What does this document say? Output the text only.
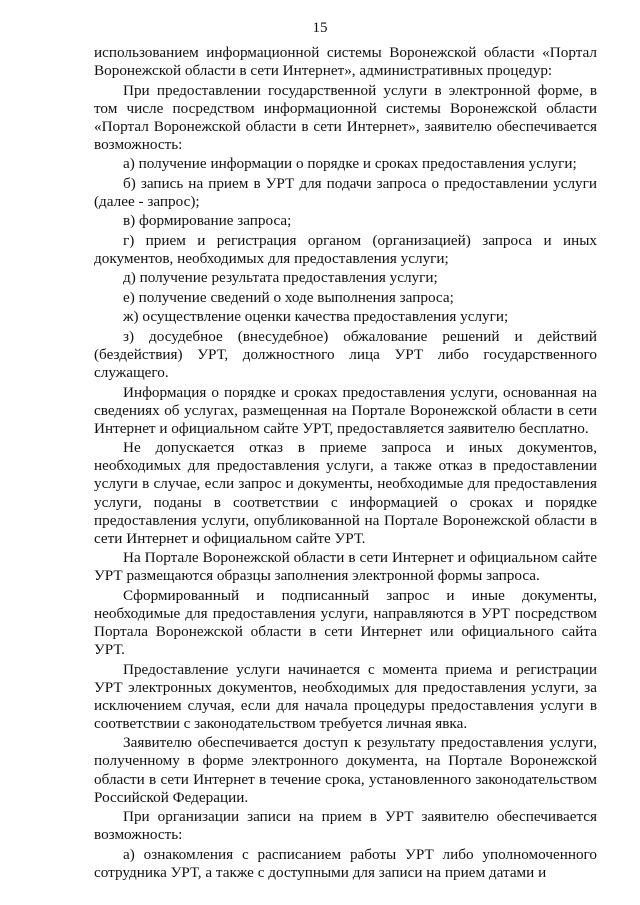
15

использованием информационной системы Воронежской области «Портал Воронежской области в сети Интернет», административных процедур:

При предоставлении государственной услуги в электронной форме, в том числе посредством информационной системы Воронежской области «Портал Воронежской области в сети Интернет», заявителю обеспечивается возможность:

а) получение информации о порядке и сроках предоставления услуги;

б) запись на прием в УРТ для подачи запроса о предоставлении услуги (далее - запрос);

в) формирование запроса;

г) прием и регистрация органом (организацией) запроса и иных документов, необходимых для предоставления услуги;

д) получение результата предоставления услуги;

е) получение сведений о ходе выполнения запроса;

ж) осуществление оценки качества предоставления услуги;

з) досудебное (внесудебное) обжалование решений и действий (бездействия) УРТ, должностного лица УРТ либо государственного служащего.

Информация о порядке и сроках предоставления услуги, основанная на сведениях об услугах, размещенная на Портале Воронежской области в сети Интернет и официальном сайте УРТ, предоставляется заявителю бесплатно.

Не допускается отказ в приеме запроса и иных документов, необходимых для предоставления услуги, а также отказ в предоставлении услуги в случае, если запрос и документы, необходимые для предоставления услуги, поданы в соответствии с информацией о сроках и порядке предоставления услуги, опубликованной на Портале Воронежской области в сети Интернет и официальном сайте УРТ.

На Портале Воронежской области в сети Интернет и официальном сайте УРТ размещаются образцы заполнения электронной формы запроса.

Сформированный и подписанный запрос и иные документы, необходимые для предоставления услуги, направляются в УРТ посредством Портала Воронежской области в сети Интернет или официального сайта УРТ.

Предоставление услуги начинается с момента приема и регистрации УРТ электронных документов, необходимых для предоставления услуги, за исключением случая, если для начала процедуры предоставления услуги в соответствии с законодательством требуется личная явка.

Заявителю обеспечивается доступ к результату предоставления услуги, полученному в форме электронного документа, на Портале Воронежской области в сети Интернет в течение срока, установленного законодательством Российской Федерации.

При организации записи на прием в УРТ заявителю обеспечивается возможность:

а) ознакомления с расписанием работы УРТ либо уполномоченного сотрудника УРТ, а также с доступными для записи на прием датами и
